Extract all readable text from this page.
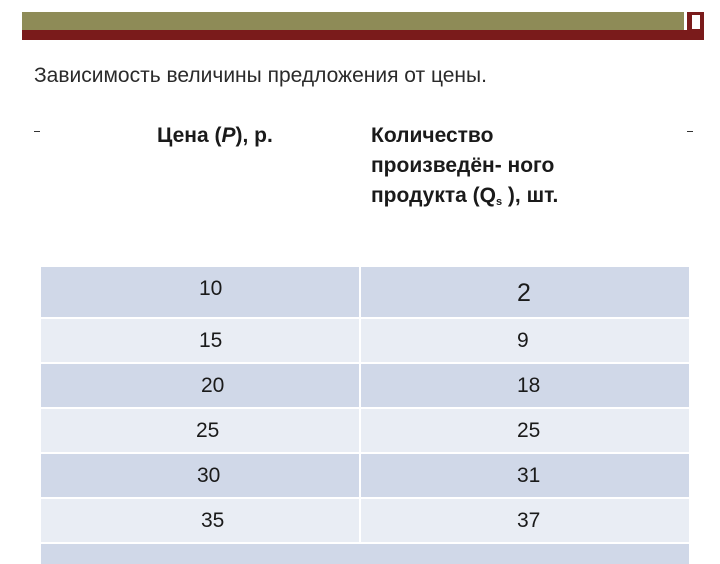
Зависимость величины предложения от цены.
Цена (P), р.	Количество
произведён- ного
продукта ($Q_s$ ), шт.
10	2
15	9
20	18
25	25
30	31
35	37
